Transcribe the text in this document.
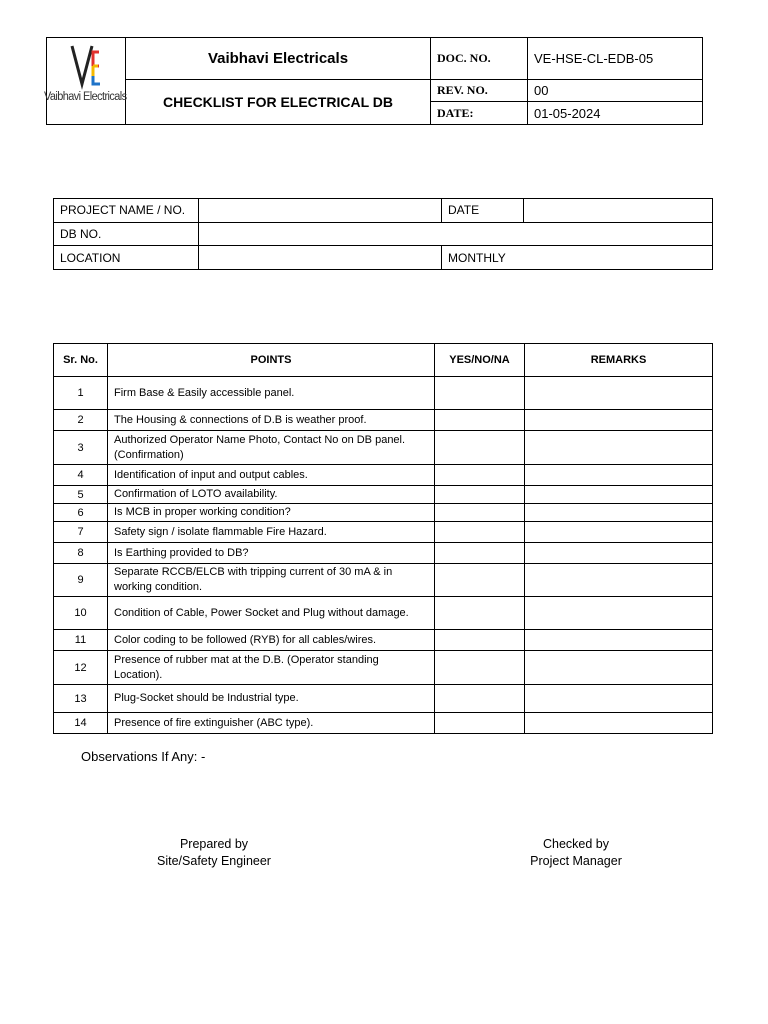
Vaibhavi Electricals	Vaibhavi Electricals	DOC. NO.	VE-HSE-CL-EDB-05
	CHECKLIST FOR ELECTRICAL DB	REV. NO.	00
		DATE:	01-05-2024
PROJECT NAME / NO.		DATE	
DB NO.			
LOCATION		MONTHLY	
Sr. No.	POINTS	YES/NO/NA	REMARKS
1	Firm Base & Easily accessible panel.		
2	The Housing & connections of D.B is weather proof.		
3	Authorized Operator Name Photo, Contact No on DB panel. (Confirmation)		
4	Identification of input and output cables.		
5	Confirmation of LOTO availability.		
6	Is MCB in proper working condition?		
7	Safety sign / isolate flammable Fire Hazard.		
8	Is Earthing provided to DB?		
9	Separate RCCB/ELCB with tripping current of 30 mA & in working condition.		
10	Condition of Cable, Power Socket and Plug without damage.		
11	Color coding to be followed (RYB) for all cables/wires.		
12	Presence of rubber mat at the D.B. (Operator standing Location).		
13	Plug-Socket should be Industrial type.		
14	Presence of fire extinguisher (ABC type).		
Observations If Any: -
Prepared by
Site/Safety Engineer
Checked by
Project Manager
